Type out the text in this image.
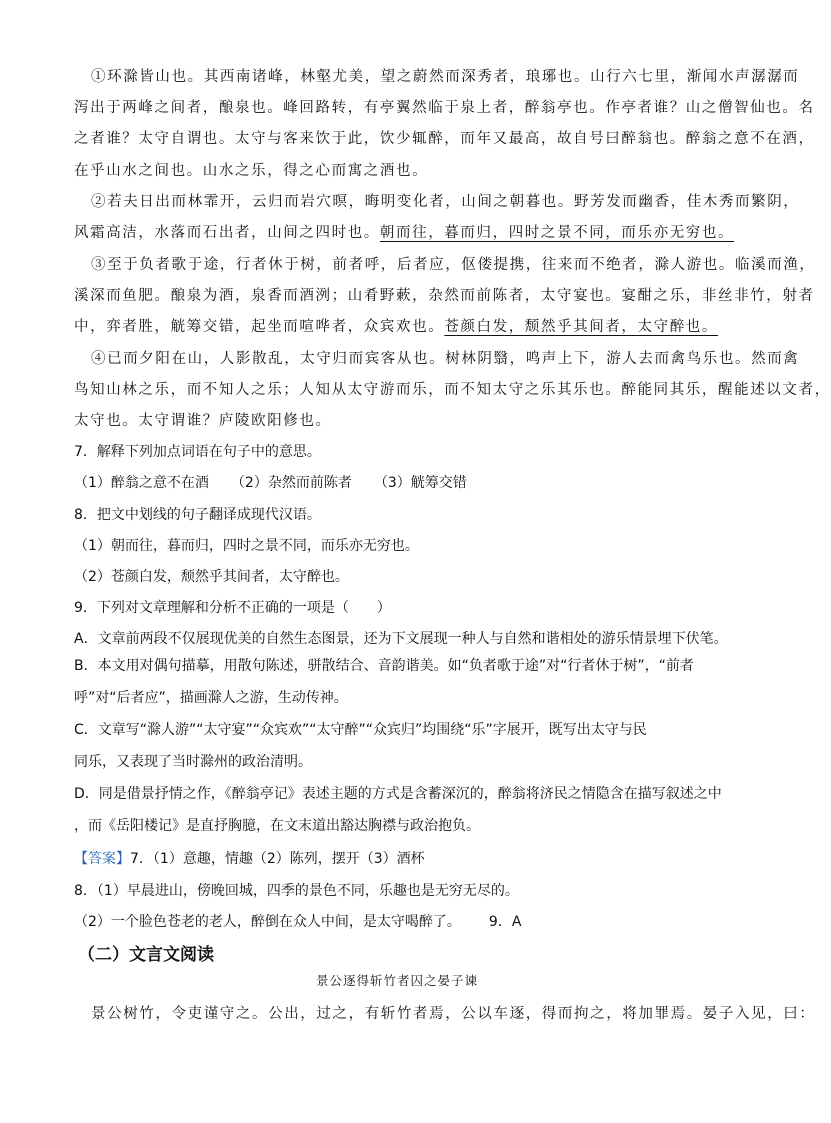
①环滁皆山也。其西南诸峰，林壑尤美，望之蔚然而深秀者，琅琊也。山行六七里，渐闻水声潺潺而
泻出于两峰之间者，酿泉也。峰回路转，有亭翼然临于泉上者，醉翁亭也。作亭者谁？山之僧智仙也。名
之者谁？太守自谓也。太守与客来饮于此，饮少辄醉，而年又最高，故自号曰醉翁也。醉翁之意不在酒，
在乎山水之间也。山水之乐，得之心而寓之酒也。
②若夫日出而林霏开，云归而岩穴暝，晦明变化者，山间之朝暮也。野芳发而幽香，佳木秀而繁阴，
风霜高洁，水落而石出者，山间之四时也。朝而往，暮而归，四时之景不同，而乐亦无穷也。
③至于负者歌于途，行者休于树，前者呼，后者应，伛偻提携，往来而不绝者，滁人游也。临溪而渔，
溪深而鱼肥。酿泉为酒，泉香而酒洌；山肴野蔌，杂然而前陈者，太守宴也。宴酣之乐，非丝非竹，射者
中，弈者胜，觥筹交错，起坐而喧哗者，众宾欢也。苍颜白发，颓然乎其间者，太守醉也。
④已而夕阳在山，人影散乱，太守归而宾客从也。树林阴翳，鸣声上下，游人去而禽鸟乐也。然而禽
鸟知山林之乐，而不知人之乐；人知从太守游而乐，而不知太守之乐其乐也。醉能同其乐，醒能述以文者，
太守也。太守谓谁？庐陵欧阳修也。
7．解释下列加点词语在句子中的意思。
（1）醉翁之意不在酒 （2）杂然而前陈者 （3）觥筹交错
8．把文中划线的句子翻译成现代汉语。
（1）朝而往，暮而归，四时之景不同，而乐亦无穷也。
（2）苍颜白发，颓然乎其间者，太守醉也。
9．下列对文章理解和分析不正确的一项是（　　）
A．文章前两段不仅展现优美的自然生态图景，还为下文展现一种人与自然和谐相处的游乐情景埋下伏笔。
B．本文用对偶句描摹，用散句陈述，骈散结合、音韵谐美。如“负者歌于途”对“行者休于树”，“前者
呼”对“后者应”，描画滁人之游，生动传神。
C．文章写“滁人游”“太守宴”“众宾欢”“太守醉”“众宾归”均围绕“乐”字展开，既写出太守与民
同乐，又表现了当时滁州的政治清明。
D．同是借景抒情之作，《醉翁亭记》表述主题的方式是含蓄深沉的，醉翁将济民之情隐含在描写叙述之中
，而《岳阳楼记》是直抒胸臆，在文末道出豁达胸襟与政治抱负。
【答案】7．（1）意趣，情趣（2）陈列，摆开（3）酒杯
8．（1）早晨进山，傍晚回城，四季的景色不同，乐趣也是无穷无尽的。
（2）一个脸色苍老的老人，醉倒在众人中间，是太守喝醉了。 9．A
（二）文言文阅读
景公逐得斩竹者囚之晏子谏
景公树竹，令吏谨守之。公出，过之，有斩竹者焉，公以车逐，得而拘之，将加罪焉。晏子入见，曰：
